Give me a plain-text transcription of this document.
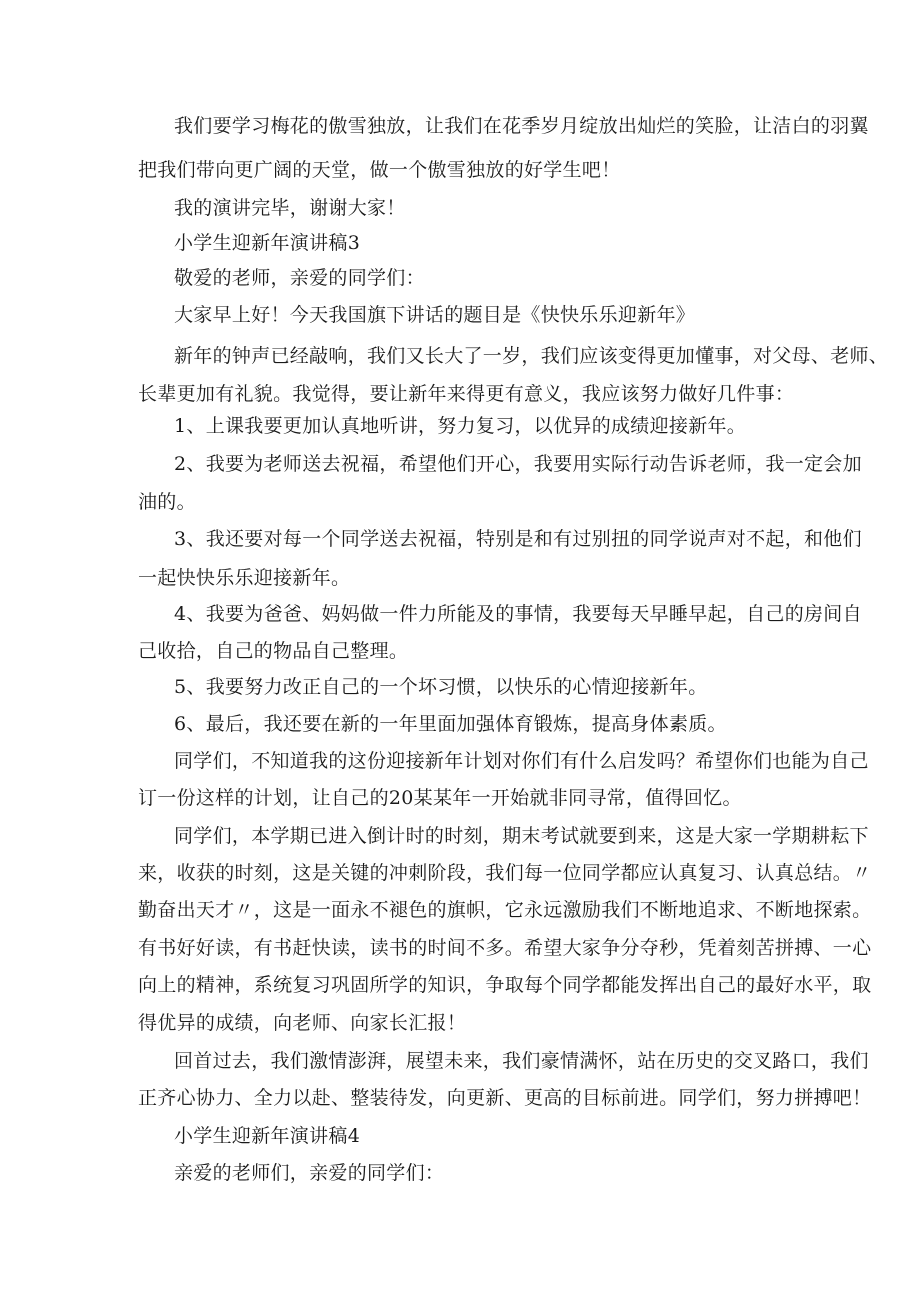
我们要学习梅花的傲雪独放，让我们在花季岁月绽放出灿烂的笑脸，让洁白的羽翼
把我们带向更广阔的天堂，做一个傲雪独放的好学生吧！
我的演讲完毕，谢谢大家！
小学生迎新年演讲稿3
敬爱的老师，亲爱的同学们：
大家早上好！今天我国旗下讲话的题目是《快快乐乐迎新年》
新年的钟声已经敲响，我们又长大了一岁，我们应该变得更加懂事，对父母、老师、
长辈更加有礼貌。我觉得，要让新年来得更有意义，我应该努力做好几件事：
1、上课我要更加认真地听讲，努力复习，以优异的成绩迎接新年。
2、我要为老师送去祝福，希望他们开心，我要用实际行动告诉老师，我一定会加
油的。
3、我还要对每一个同学送去祝福，特别是和有过别扭的同学说声对不起，和他们
一起快快乐乐迎接新年。
4、我要为爸爸、妈妈做一件力所能及的事情，我要每天早睡早起，自己的房间自
己收拾，自己的物品自己整理。
5、我要努力改正自己的一个坏习惯，以快乐的心情迎接新年。
6、最后，我还要在新的一年里面加强体育锻炼，提高身体素质。
同学们，不知道我的这份迎接新年计划对你们有什么启发吗？希望你们也能为自己
订一份这样的计划，让自己的20某某年一开始就非同寻常，值得回忆。
同学们，本学期已进入倒计时的时刻，期末考试就要到来，这是大家一学期耕耘下
来，收获的时刻，这是关键的冲刺阶段，我们每一位同学都应认真复习、认真总结。〃
勤奋出天才〃，这是一面永不褪色的旗帜，它永远激励我们不断地追求、不断地探索。
有书好好读，有书赶快读，读书的时间不多。希望大家争分夺秒，凭着刻苦拼搏、一心
向上的精神，系统复习巩固所学的知识，争取每个同学都能发挥出自己的最好水平，取
得优异的成绩，向老师、向家长汇报！
回首过去，我们激情澎湃，展望未来，我们豪情满怀，站在历史的交叉路口，我们
正齐心协力、全力以赴、整装待发，向更新、更高的目标前进。同学们，努力拼搏吧！
小学生迎新年演讲稿4
亲爱的老师们，亲爱的同学们：
